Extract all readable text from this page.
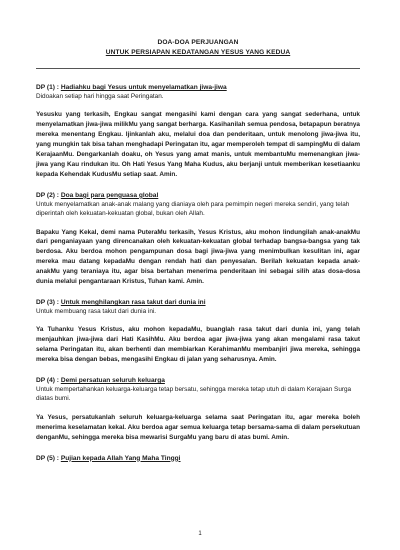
DOA-DOA PERJUANGAN
UNTUK PERSIAPAN KEDATANGAN YESUS YANG KEDUA

DP (1) : Hadiahku bagi Yesus untuk menyelamatkan jiwa-jiwa

Didoakan setiap hari hingga saat Peringatan.

Yesusku yang terkasih, Engkau sangat mengasihi kami dengan cara yang sangat sederhana, untuk menyelamatkan jiwa-jiwa milikMu yang sangat berharga. Kasihanilah semua pendosa, betapapun beratnya mereka menentang Engkau. Ijinkanlah aku, melalui doa dan penderitaan, untuk menolong jiwa-jiwa itu, yang mungkin tak bisa tahan menghadapi Peringatan itu, agar memperoleh tempat di sampingMu di dalam KerajaanMu. Dengarkanlah doaku, oh Yesus yang amat manis, untuk membantuMu memenangkan jiwa-jiwa yang Kau rindukan itu. Oh Hati Yesus Yang Maha Kudus, aku berjanji untuk memberikan kesetiaanku kepada Kehendak KudusMu setiap saat. Amin.

DP (2) : Doa bagi para penguasa global

Untuk menyelamatkan anak-anak malang yang dianiaya oleh para pemimpin negeri mereka sendiri, yang telah diperintah oleh kekuatan-kekuatan global, bukan oleh Allah.

Bapaku Yang Kekal, demi nama PuteraMu terkasih, Yesus Kristus, aku mohon lindungilah anak-anakMu dari penganiayaan yang direncanakan oleh kekuatan-kekuatan global terhadap bangsa-bangsa yang tak berdosa. Aku berdoa mohon pengampunan dosa bagi jiwa-jiwa yang menimbulkan kesulitan ini, agar mereka mau datang kepadaMu dengan rendah hati dan penyesalan. Berilah kekuatan kepada anak-anakMu yang teraniaya itu, agar bisa bertahan menerima penderitaan ini sebagai silih atas dosa-dosa dunia melalui pengantaraan Kristus, Tuhan kami. Amin.

DP (3) : Untuk menghilangkan rasa takut dari dunia ini

Untuk membuang rasa takut dari dunia ini.

Ya Tuhanku Yesus Kristus, aku mohon kepadaMu, buanglah rasa takut dari dunia ini, yang telah menjauhkan jiwa-jiwa dari Hati KasihMu. Aku berdoa agar jiwa-jiwa yang akan mengalami rasa takut selama Peringatan itu, akan berhenti dan membiarkan KerahimanMu membanjiri jiwa mereka, sehingga mereka bisa dengan bebas, mengasihi Engkau di jalan yang seharusnya. Amin.

DP (4) : Demi persatuan seluruh keluarga

Untuk mempertahankan keluarga-keluarga tetap bersatu, sehingga mereka tetap utuh di dalam Kerajaan Surga diatas bumi.

Ya Yesus, persatukanlah seluruh keluarga-keluarga selama saat Peringatan itu, agar mereka boleh menerima keselamatan kekal. Aku berdoa agar semua keluarga tetap bersama-sama di dalam persekutuan denganMu, sehingga mereka bisa mewarisi SurgaMu yang baru di atas bumi. Amin.

DP (5) : Pujian kepada Allah Yang Maha Tinggi

1
